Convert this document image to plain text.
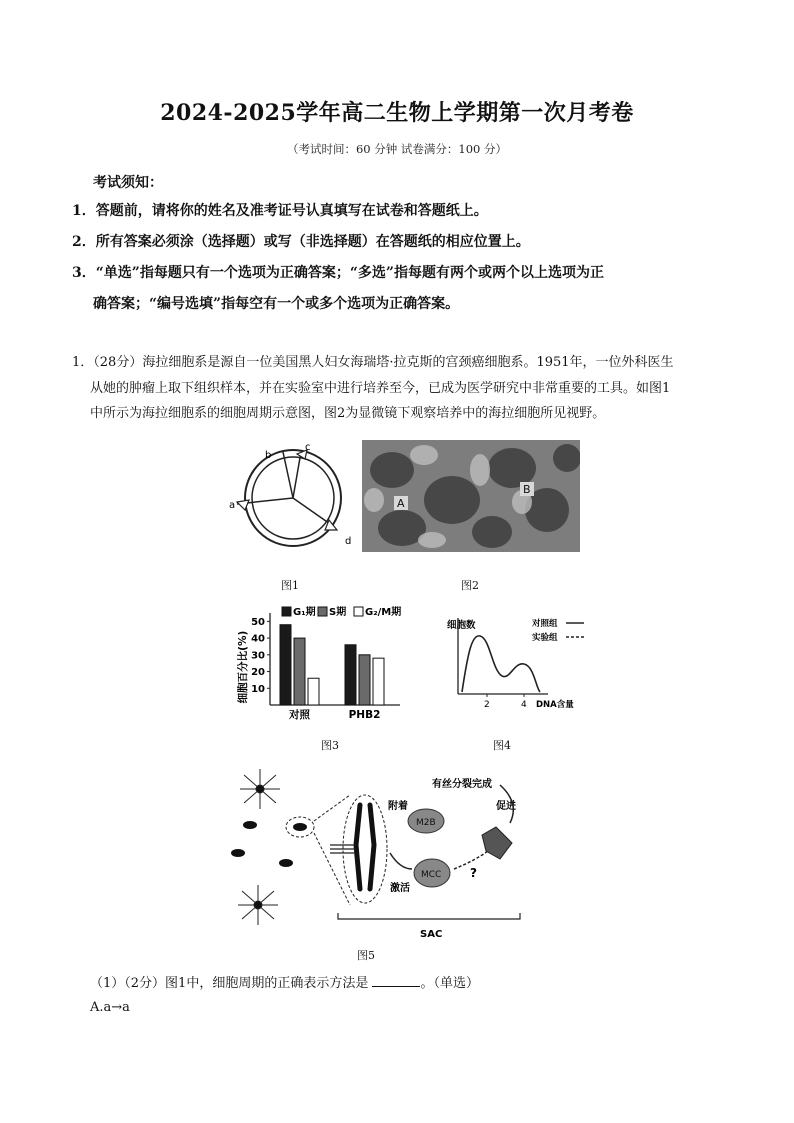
2024-2025学年高二生物上学期第一次月考卷
（考试时间：60 分钟 试卷满分：100 分）
考试须知：
1．答题前，请将你的姓名及准考证号认真填写在试卷和答题纸上。
2．所有答案必须涂（选择题）或写（非选择题）在答题纸的相应位置上。
3．“单选”指每题只有一个选项为正确答案；“多选”指每题有两个或两个以上选项为正
确答案；“编号选填”指每空有一个或多个选项为正确答案。
1．（28分）海拉细胞系是源自一位美国黑人妇女海瑞塔·拉克斯的宫颈癌细胞系。1951年，一位外科医生
从她的肿瘤上取下组织样本，并在实验室中进行培养至今，已成为医学研究中非常重要的工具。如图1
中所示为海拉细胞系的细胞周期示意图，图2为显微镜下观察培养中的海拉细胞所见视野。
a
b
c
d
A
B
图1	图2
细胞百分比(%)
G₁期 S期 G₂/M期
10
20
30
40
50
对照	PHB2
图3
细胞数
2	4 DNA含量
对照组
实验组
图4
附着
M2B
激活
MCC ?
有丝分裂完成
促进
SAC
图5
（1）（2分）图1中，细胞周期的正确表示方法是	。（单选）
A.a→a
